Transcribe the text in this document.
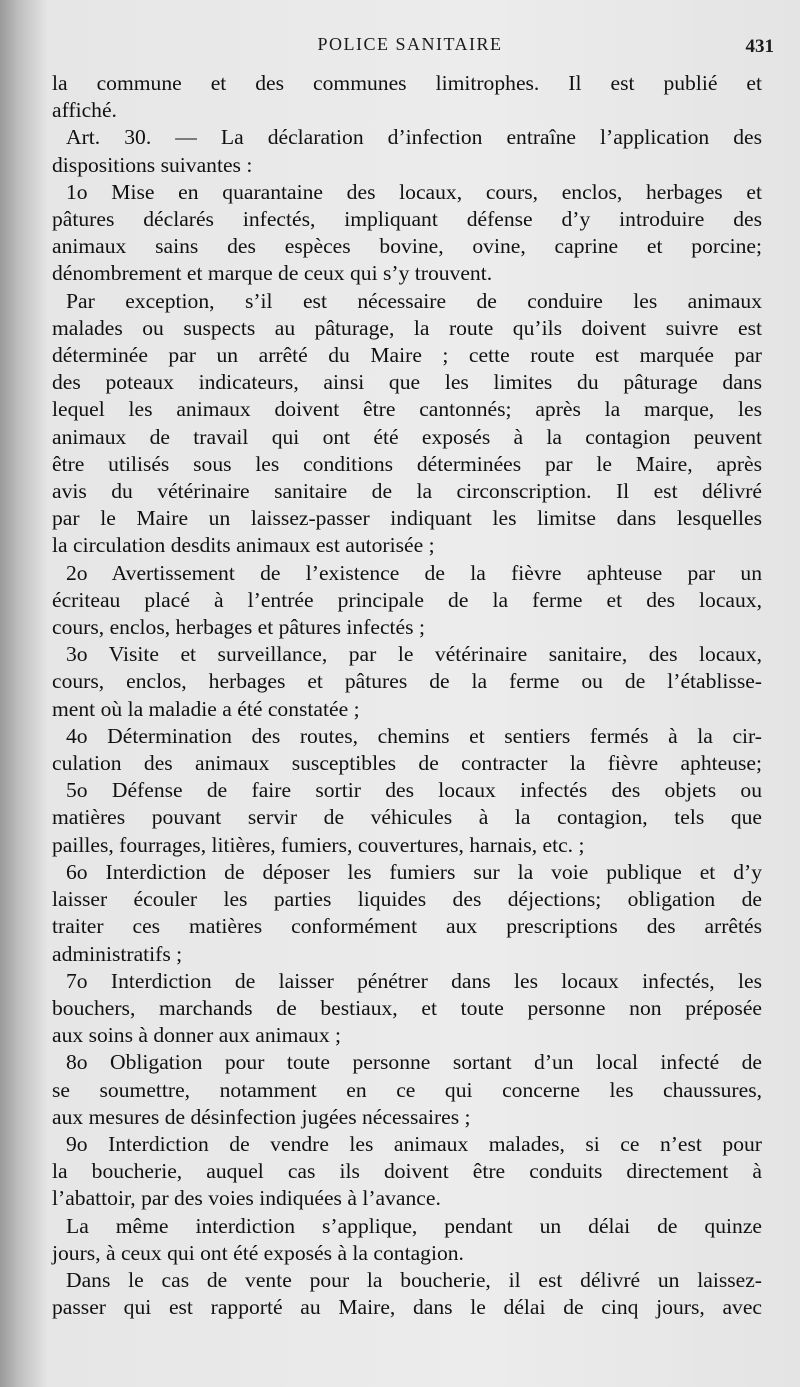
POLICE SANITAIRE	431
la commune et des communes limitrophes. Il est publié et
affiché.
Art. 30. — La déclaration d’infection entraîne l’application des
dispositions suivantes :
1o Mise en quarantaine des locaux, cours, enclos, herbages et
pâtures déclarés infectés, impliquant défense d’y introduire des
animaux sains des espèces bovine, ovine, caprine et porcine;
dénombrement et marque de ceux qui s’y trouvent.
Par exception, s’il est nécessaire de conduire les animaux
malades ou suspects au pâturage, la route qu’ils doivent suivre est
déterminée par un arrêté du Maire ; cette route est marquée par
des poteaux indicateurs, ainsi que les limites du pâturage dans
lequel les animaux doivent être cantonnés; après la marque, les
animaux de travail qui ont été exposés à la contagion peuvent
être utilisés sous les conditions déterminées par le Maire, après
avis du vétérinaire sanitaire de la circonscription. Il est délivré
par le Maire un laissez-passer indiquant les limitse dans lesquelles
la circulation desdits animaux est autorisée ;
2o Avertissement de l’existence de la fièvre aphteuse par un
écriteau placé à l’entrée principale de la ferme et des locaux,
cours, enclos, herbages et pâtures infectés ;
3o Visite et surveillance, par le vétérinaire sanitaire, des locaux,
cours, enclos, herbages et pâtures de la ferme ou de l’établisse-
ment où la maladie a été constatée ;
4o Détermination des routes, chemins et sentiers fermés à la cir-
culation des animaux susceptibles de contracter la fièvre aphteuse;
5o Défense de faire sortir des locaux infectés des objets ou
matières pouvant servir de véhicules à la contagion, tels que
pailles, fourrages, litières, fumiers, couvertures, harnais, etc. ;
6o Interdiction de déposer les fumiers sur la voie publique et d’y
laisser écouler les parties liquides des déjections; obligation de
traiter ces matières conformément aux prescriptions des arrêtés
administratifs ;
7o Interdiction de laisser pénétrer dans les locaux infectés, les
bouchers, marchands de bestiaux, et toute personne non préposée
aux soins à donner aux animaux ;
8o Obligation pour toute personne sortant d’un local infecté de
se soumettre, notamment en ce qui concerne les chaussures,
aux mesures de désinfection jugées nécessaires ;
9o Interdiction de vendre les animaux malades, si ce n’est pour
la boucherie, auquel cas ils doivent être conduits directement à
l’abattoir, par des voies indiquées à l’avance.
La même interdiction s’applique, pendant un délai de quinze
jours, à ceux qui ont été exposés à la contagion.
Dans le cas de vente pour la boucherie, il est délivré un laissez-
passer qui est rapporté au Maire, dans le délai de cinq jours, avec
